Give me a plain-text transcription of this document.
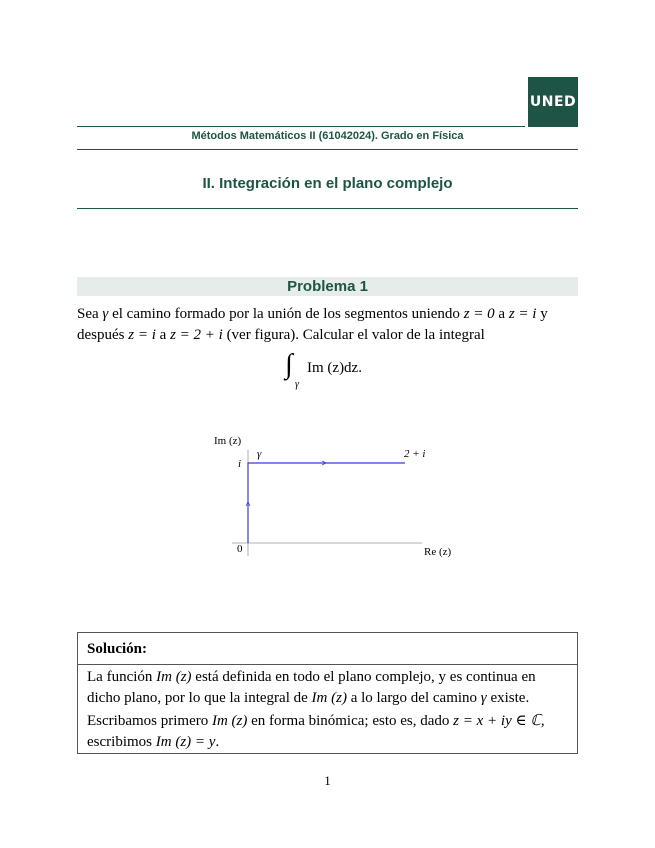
UNED
Métodos Matemáticos II (61042024). Grado en Física
II. Integración en el plano complejo
Problema 1
Sea γ el camino formado por la unión de los segmentos uniendo z = 0 a z = i y
después z = i a z = 2 + i (ver figura). Calcular el valor de la integral
∫
γ
Im (z)dz.
Im (z)
Re (z)
0
i
γ	2 + i
Solución:
La función Im (z) está definida en todo el plano complejo, y es continua en dicho plano, por lo que la integral de Im (z) a lo largo del camino γ existe.
Escribamos primero Im (z) en forma binómica; esto es, dado z = x + iy ∈ ℂ, escribimos Im (z) = y.
1
